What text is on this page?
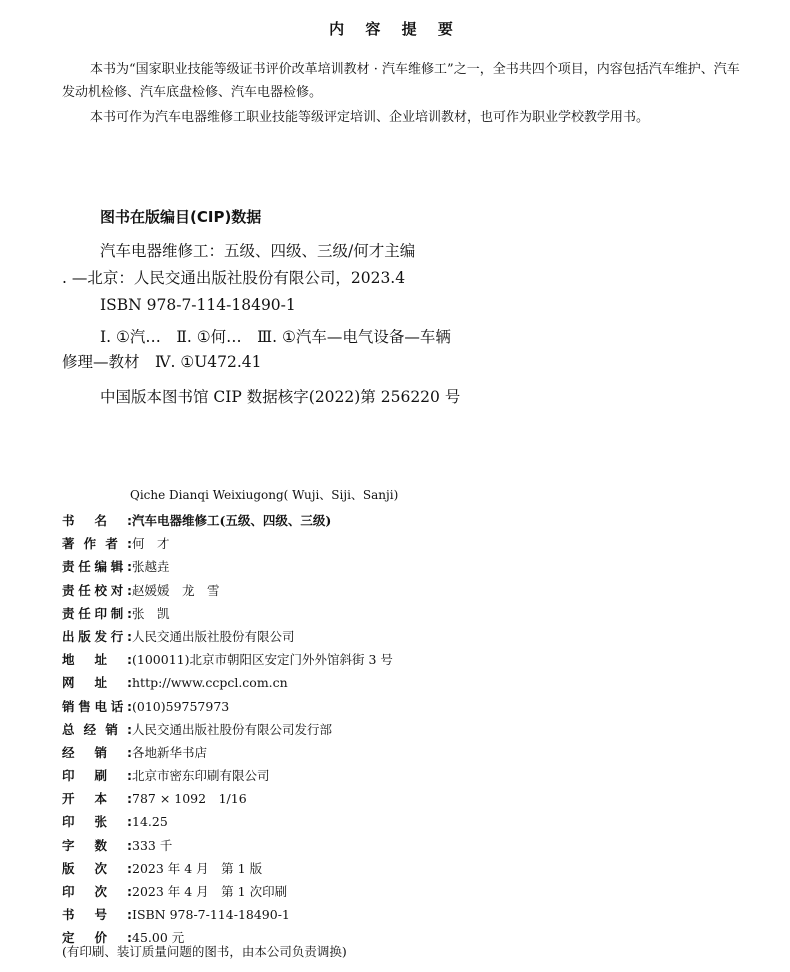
内 容 提 要
本书为“国家职业技能等级证书评价改革培训教材 · 汽车维修工”之一，全书共四个项目，内容包括汽车维护、汽车发动机检修、汽车底盘检修、汽车电器检修。
本书可作为汽车电器维修工职业技能等级评定培训、企业培训教材，也可作为职业学校教学用书。
图书在版编目(CIP)数据
汽车电器维修工：五级、四级、三级/何才主编
. —北京：人民交通出版社股份有限公司，2023.4
ISBN 978-7-114-18490-1
Ⅰ. ①汽…　Ⅱ. ①何…　Ⅲ. ①汽车—电气设备—车辆
修理—教材　Ⅳ. ①U472.41
中国版本图书馆 CIP 数据核字(2022)第 256220 号
Qiche Dianqi Weixiugong( Wuji、Siji、Sanji)
书名:汽车电器维修工(五级、四级、三级)
著作者:何　才
责任编辑:张越垚
责任校对:赵媛媛　龙　雪
责任印制:张　凯
出版发行:人民交通出版社股份有限公司
地址:(100011)北京市朝阳区安定门外外馆斜街 3 号
网址:http://www.ccpcl.com.cn
销售电话:(010)59757973
总经销:人民交通出版社股份有限公司发行部
经销:各地新华书店
印刷:北京市密东印刷有限公司
开本:787 × 1092　1/16
印张:14.25
字数:333 千
版次:2023 年 4 月　第 1 版
印次:2023 年 4 月　第 1 次印刷
书号:ISBN 978-7-114-18490-1
定价:45.00 元
(有印刷、装订质量问题的图书，由本公司负责调换)
